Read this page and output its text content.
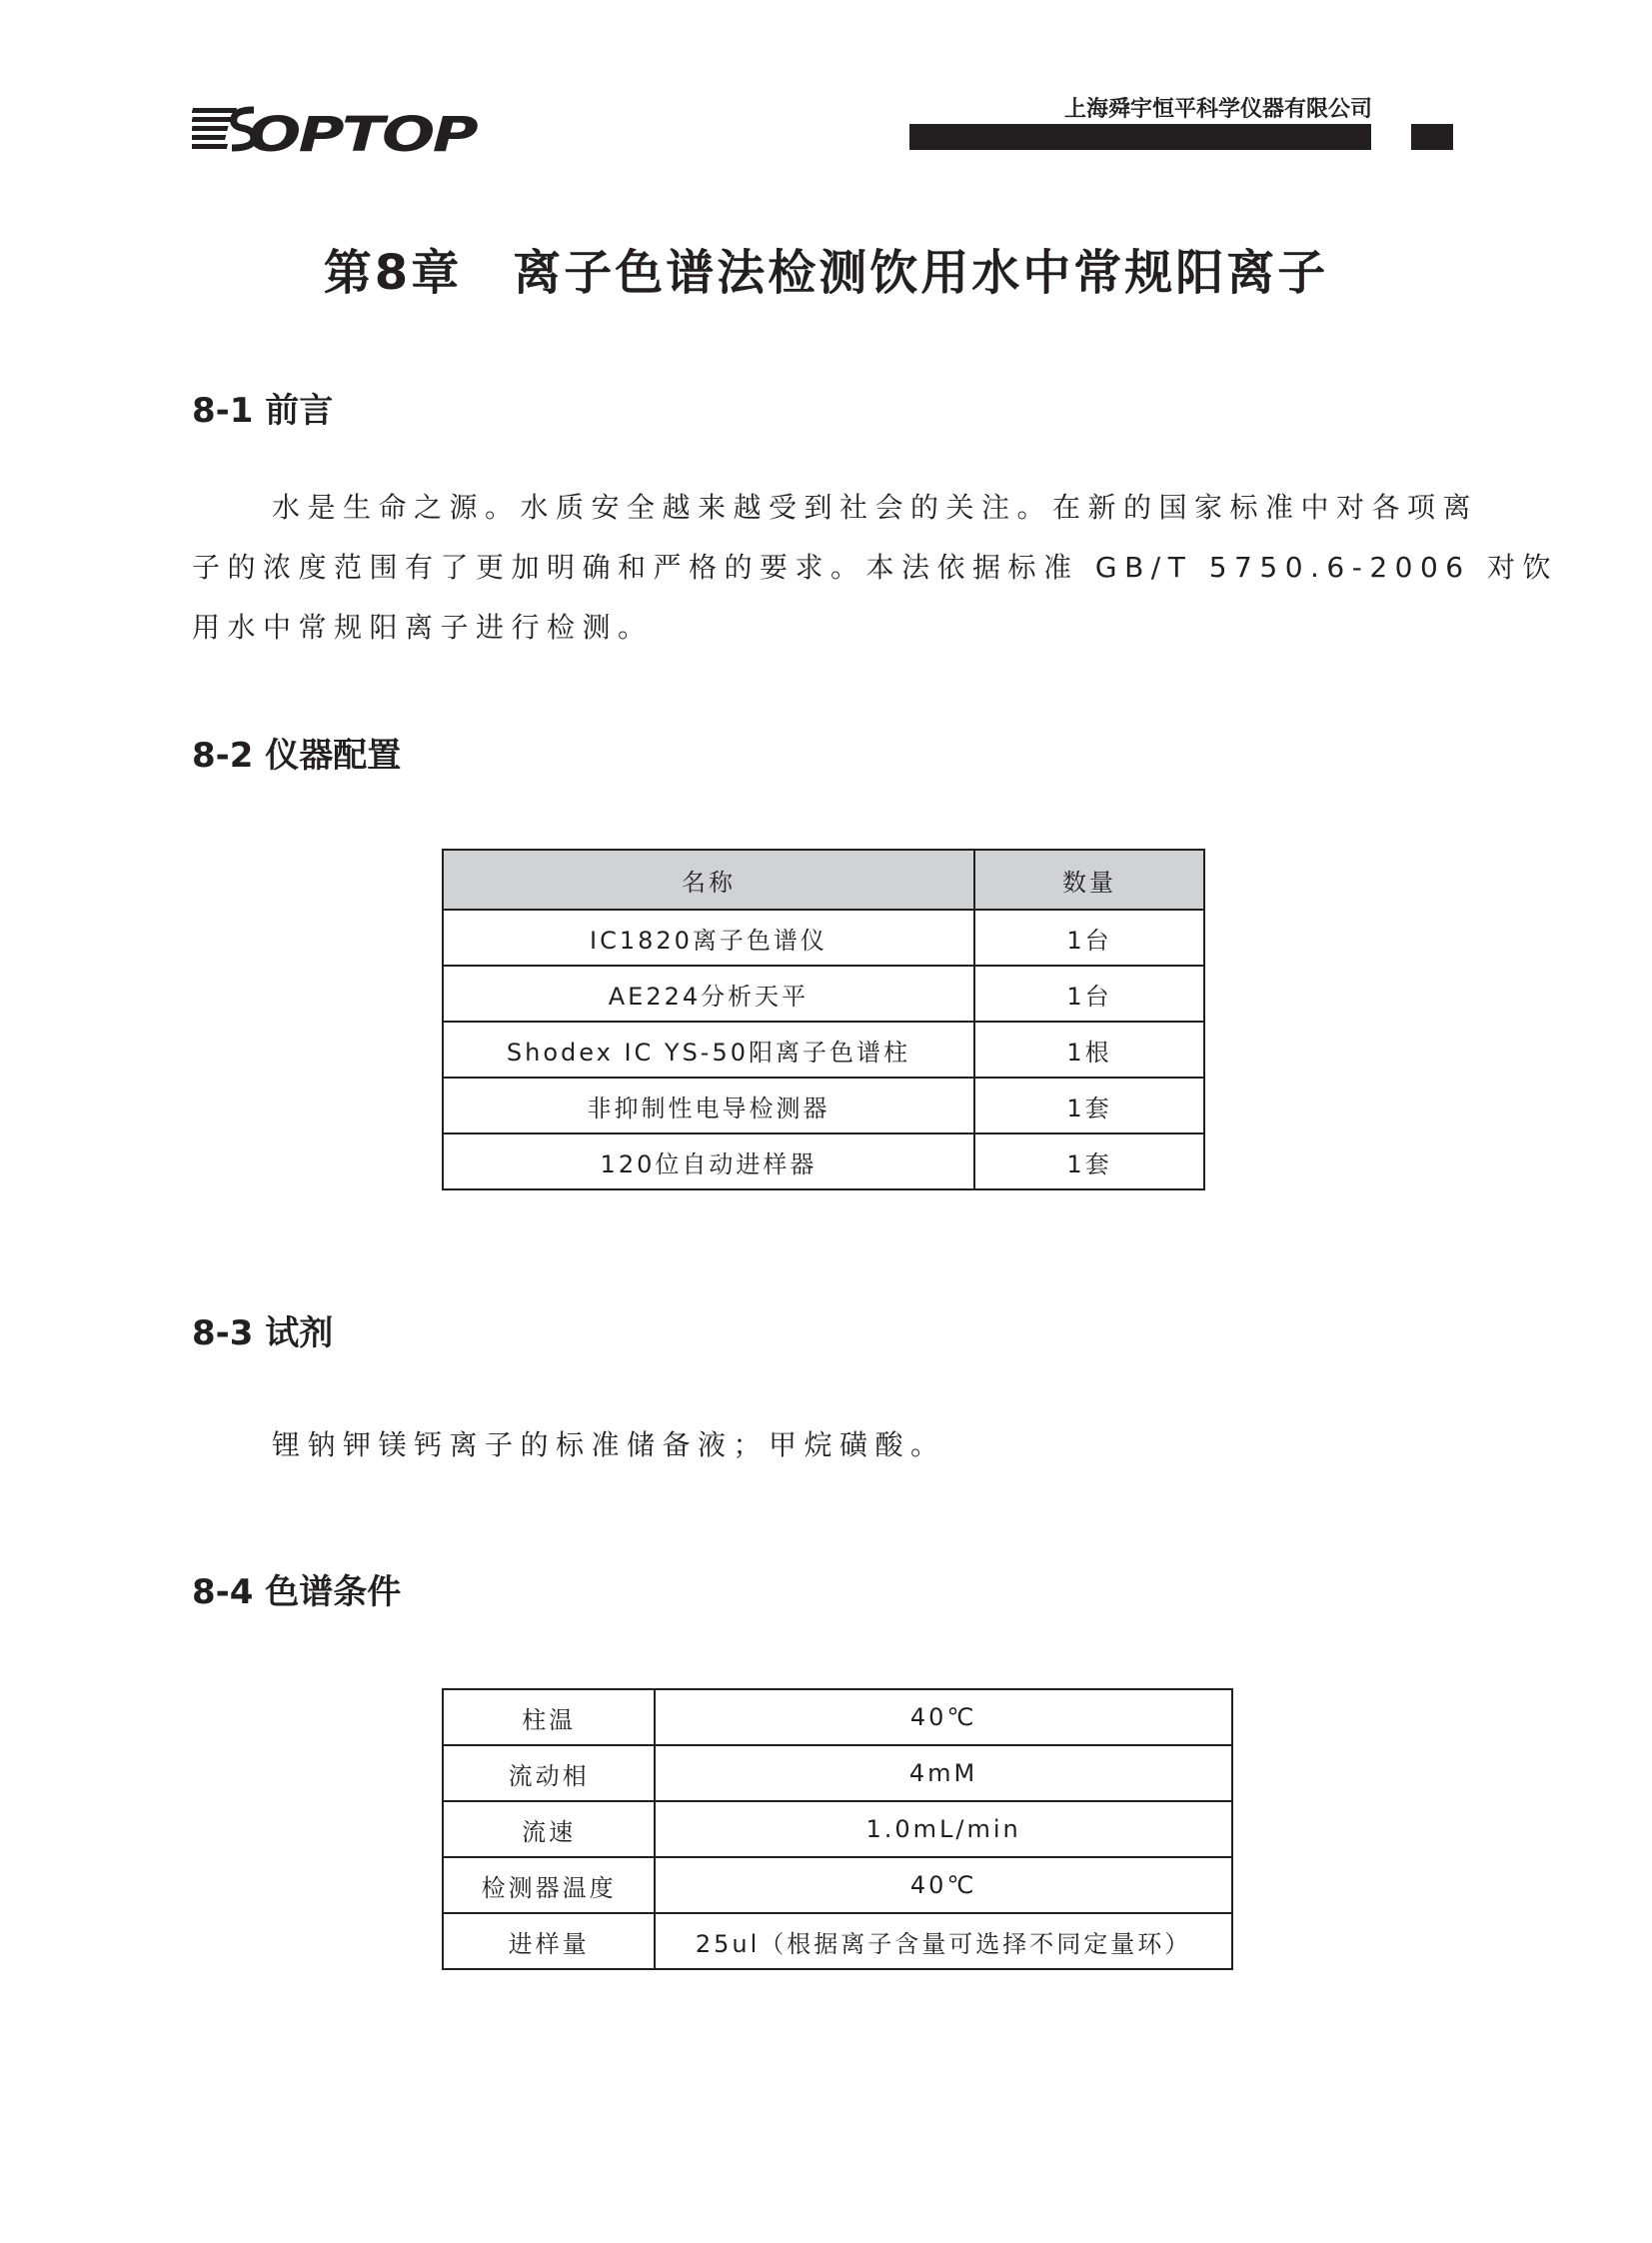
OPTOP	上海舜宇恒平科学仪器有限公司
第8章　离子色谱法检测饮用水中常规阳离子
8-1 前言
水是生命之源。水质安全越来越受到社会的关注。在新的国家标准中对各项离
子的浓度范围有了更加明确和严格的要求。本法依据标准 GB/T 5750.6-2006 对饮
用水中常规阳离子进行检测。
8-2 仪器配置
名称	数量
IC1820离子色谱仪	1台
AE224分析天平	1台
Shodex IC YS-50阳离子色谱柱	1根
非抑制性电导检测器	1套
120位自动进样器	1套
8-3 试剂
锂钠钾镁钙离子的标准储备液；甲烷磺酸。
8-4 色谱条件
柱温	40℃
流动相	4mM
流速	1.0mL/min
检测器温度	40℃
进样量	25ul（根据离子含量可选择不同定量环）
